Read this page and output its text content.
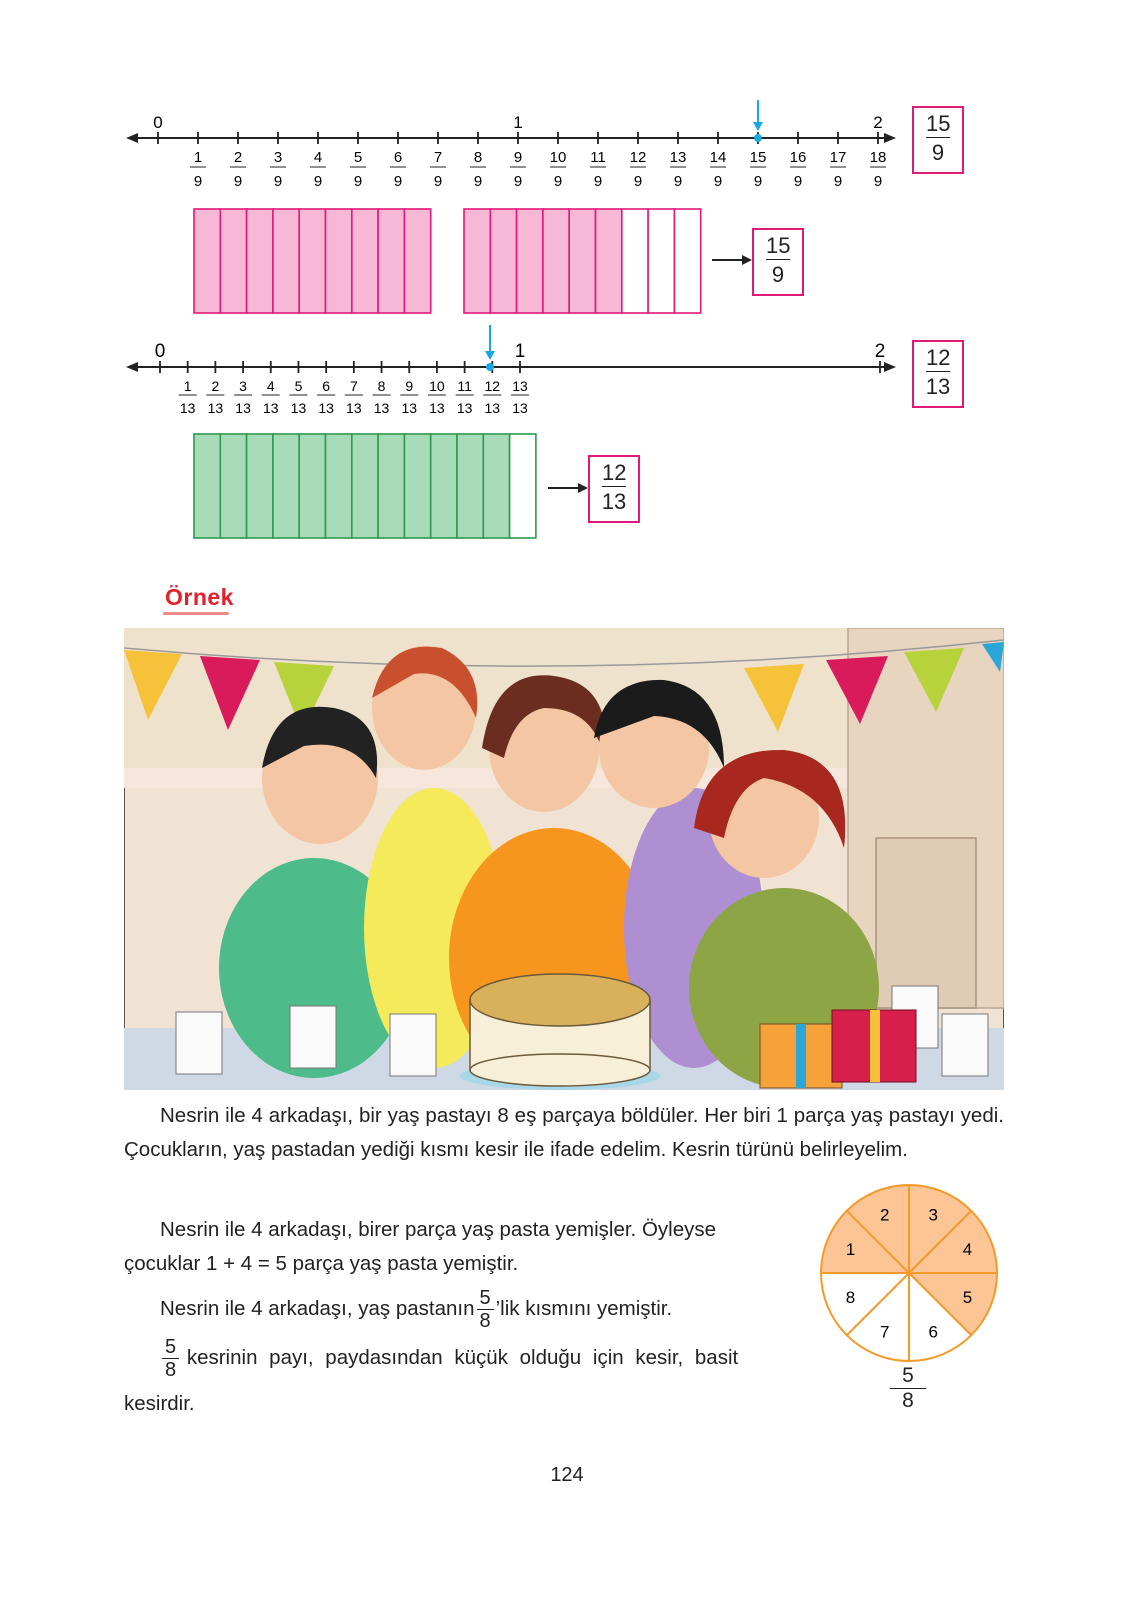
1
9
2
9
3
9
4
9
5
9
6
9
7
9
8
9
9
9
10
9
11
9
12
9
13
9
14
9
15
9
16
9
17
9
18
9
0	1	$2 \frac{15}{9}$
$\frac{15}{9}$
1
13
2
13
3
13
4
13
5
13
6
13
7
13
8
13
9
13
10
13
11
13
12
13
13
13
0	1	$2 \frac{12}{13}$
$\frac{12}{13}$
Örnek
Nesrin ile 4 arkadaşı, bir yaş pastayı 8 eş parçaya böldüler. Her biri 1 parça yaş pastayı yedi. Çocukların, yaş pastadan yediği kısmı kesir ile ifade edelim. Kesrin türünü belirleyelim.
Nesrin ile 4 arkadaşı, birer parça yaş pasta yemişler. Öyleyse
çocuklar 1 + 4 = 5 parça yaş pasta yemiştir.
Nesrin ile 4 arkadaşı, yaş pastanın $\frac{5}{8}$ ’lik kısmını yemiştir.
$\frac{5}{8}$ kesrinin payı, paydasından küçük olduğu için kesir, basit
kesirdir.
1
2 3
4
5
6
7
8
$\frac{5}{8}$
124
